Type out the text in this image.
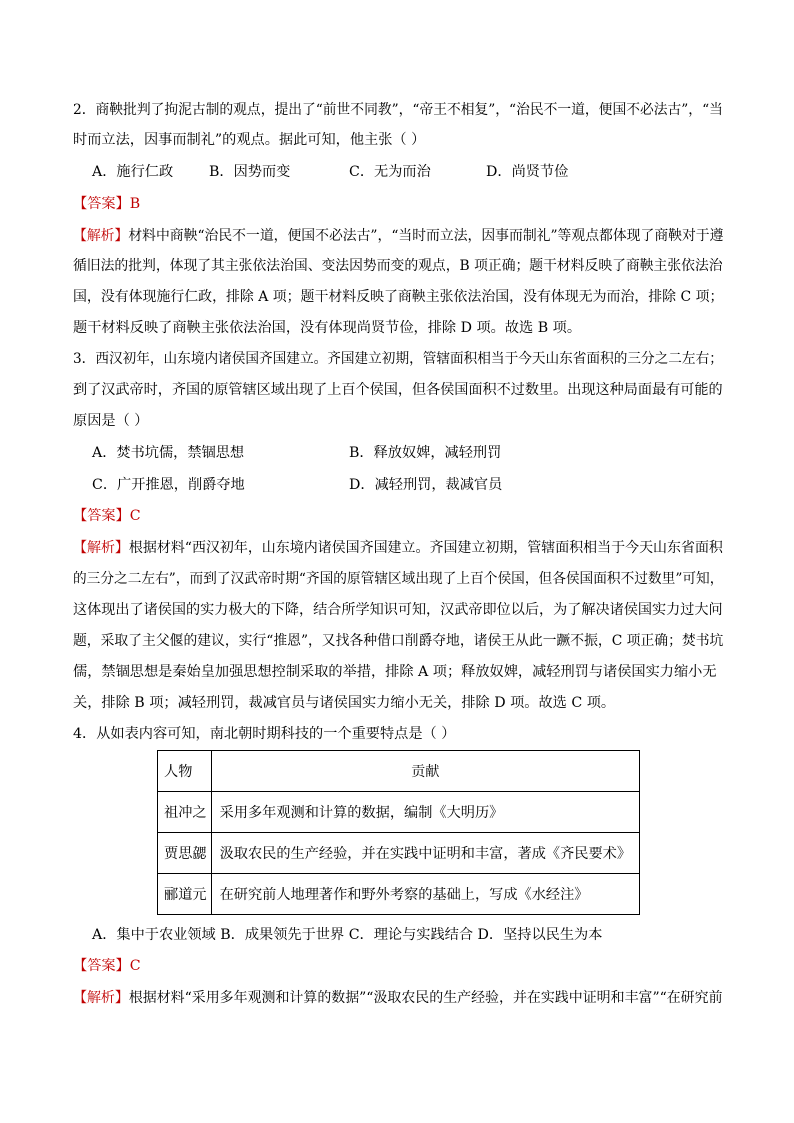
2．商鞅批判了拘泥古制的观点，提出了“前世不同教”，“帝王不相复”，“治民不一道，便国不必法古”，“当
时而立法，因事而制礼”的观点。据此可知，他主张（ ）
A．施行仁政	B．因势而变	C．无为而治	D．尚贤节俭
【答案】B
【解析】材料中商鞅“治民不一道，便国不必法古”，“当时而立法，因事而制礼”等观点都体现了商鞅对于遵
循旧法的批判，体现了其主张依法治国、变法因势而变的观点，B 项正确；题干材料反映了商鞅主张依法治
国，没有体现施行仁政，排除 A 项；题干材料反映了商鞅主张依法治国，没有体现无为而治，排除 C 项；
题干材料反映了商鞅主张依法治国，没有体现尚贤节俭，排除 D 项。故选 B 项。
3．西汉初年，山东境内诸侯国齐国建立。齐国建立初期，管辖面积相当于今天山东省面积的三分之二左右；
到了汉武帝时，齐国的原管辖区域出现了上百个侯国，但各侯国面积不过数里。出现这种局面最有可能的
原因是（ ）
A．焚书坑儒，禁锢思想	B．释放奴婢，减轻刑罚
C．广开推恩，削爵夺地	D．减轻刑罚，裁减官员
【答案】C
【解析】根据材料“西汉初年，山东境内诸侯国齐国建立。齐国建立初期，管辖面积相当于今天山东省面积
的三分之二左右”，而到了汉武帝时期“齐国的原管辖区域出现了上百个侯国，但各侯国面积不过数里”可知，
这体现出了诸侯国的实力极大的下降，结合所学知识可知，汉武帝即位以后，为了解决诸侯国实力过大问
题，采取了主父偃的建议，实行“推恩”，又找各种借口削爵夺地，诸侯王从此一蹶不振，C 项正确；焚书坑
儒，禁锢思想是秦始皇加强思想控制采取的举措，排除 A 项；释放奴婢，减轻刑罚与诸侯国实力缩小无
关，排除 B 项；减轻刑罚，裁减官员与诸侯国实力缩小无关，排除 D 项。故选 C 项。
4．从如表内容可知，南北朝时期科技的一个重要特点是（ ）
人物	贡献
祖冲之	采用多年观测和计算的数据，编制《大明历》
贾思勰	汲取农民的生产经验，并在实践中证明和丰富，著成《齐民要术》
郦道元	在研究前人地理著作和野外考察的基础上，写成《水经注》
A．集中于农业领域 B．成果领先于世界 C．理论与实践结合 D．坚持以民生为本
【答案】C
【解析】根据材料“采用多年观测和计算的数据”“汲取农民的生产经验，并在实践中证明和丰富”“在研究前
